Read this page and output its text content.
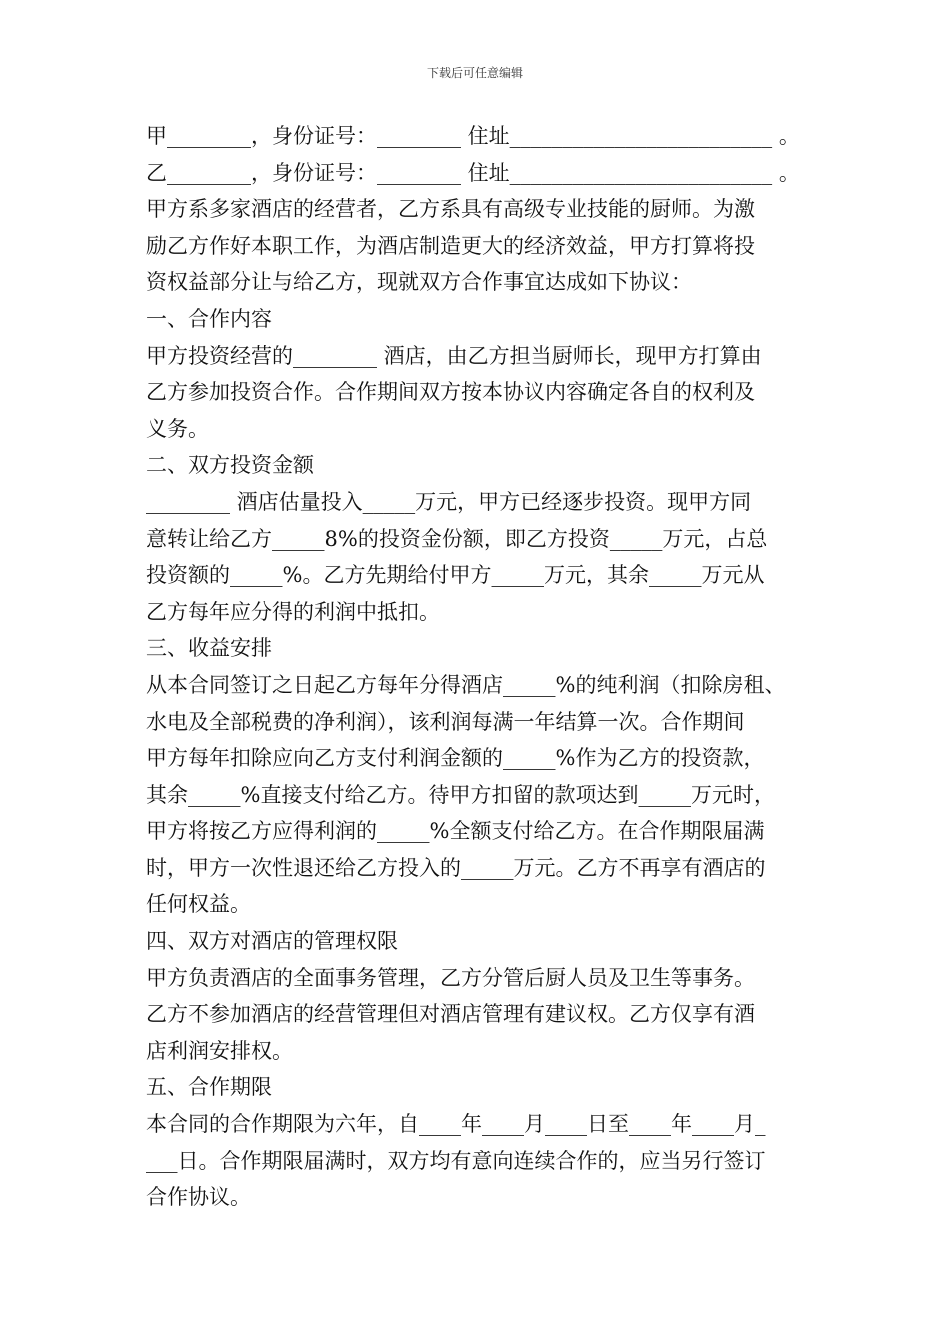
下载后可任意编辑
甲________，身份证号：________ 住址_________________________ 。
乙________，身份证号：________ 住址_________________________ 。
甲方系多家酒店的经营者，乙方系具有高级专业技能的厨师。为激
励乙方作好本职工作，为酒店制造更大的经济效益，甲方打算将投
资权益部分让与给乙方，现就双方合作事宜达成如下协议：
一、合作内容
甲方投资经营的________ 酒店，由乙方担当厨师长，现甲方打算由
乙方参加投资合作。合作期间双方按本协议内容确定各自的权利及
义务。
二、双方投资金额
________ 酒店估量投入_____万元，甲方已经逐步投资。现甲方同
意转让给乙方_____8%的投资金份额，即乙方投资_____万元，占总
投资额的_____%。乙方先期给付甲方_____万元，其余_____万元从
乙方每年应分得的利润中抵扣。
三、收益安排
从本合同签订之日起乙方每年分得酒店_____%的纯利润（扣除房租、
水电及全部税费的净利润），该利润每满一年结算一次。合作期间
甲方每年扣除应向乙方支付利润金额的_____%作为乙方的投资款，
其余_____%直接支付给乙方。待甲方扣留的款项达到_____万元时，
甲方将按乙方应得利润的_____%全额支付给乙方。在合作期限届满
时，甲方一次性退还给乙方投入的_____万元。乙方不再享有酒店的
任何权益。
四、双方对酒店的管理权限
甲方负责酒店的全面事务管理，乙方分管后厨人员及卫生等事务。
乙方不参加酒店的经营管理但对酒店管理有建议权。乙方仅享有酒
店利润安排权。
五、合作期限
本合同的合作期限为六年，自____年____月____日至____年____月_
___日。合作期限届满时，双方均有意向连续合作的，应当另行签订
合作协议。
